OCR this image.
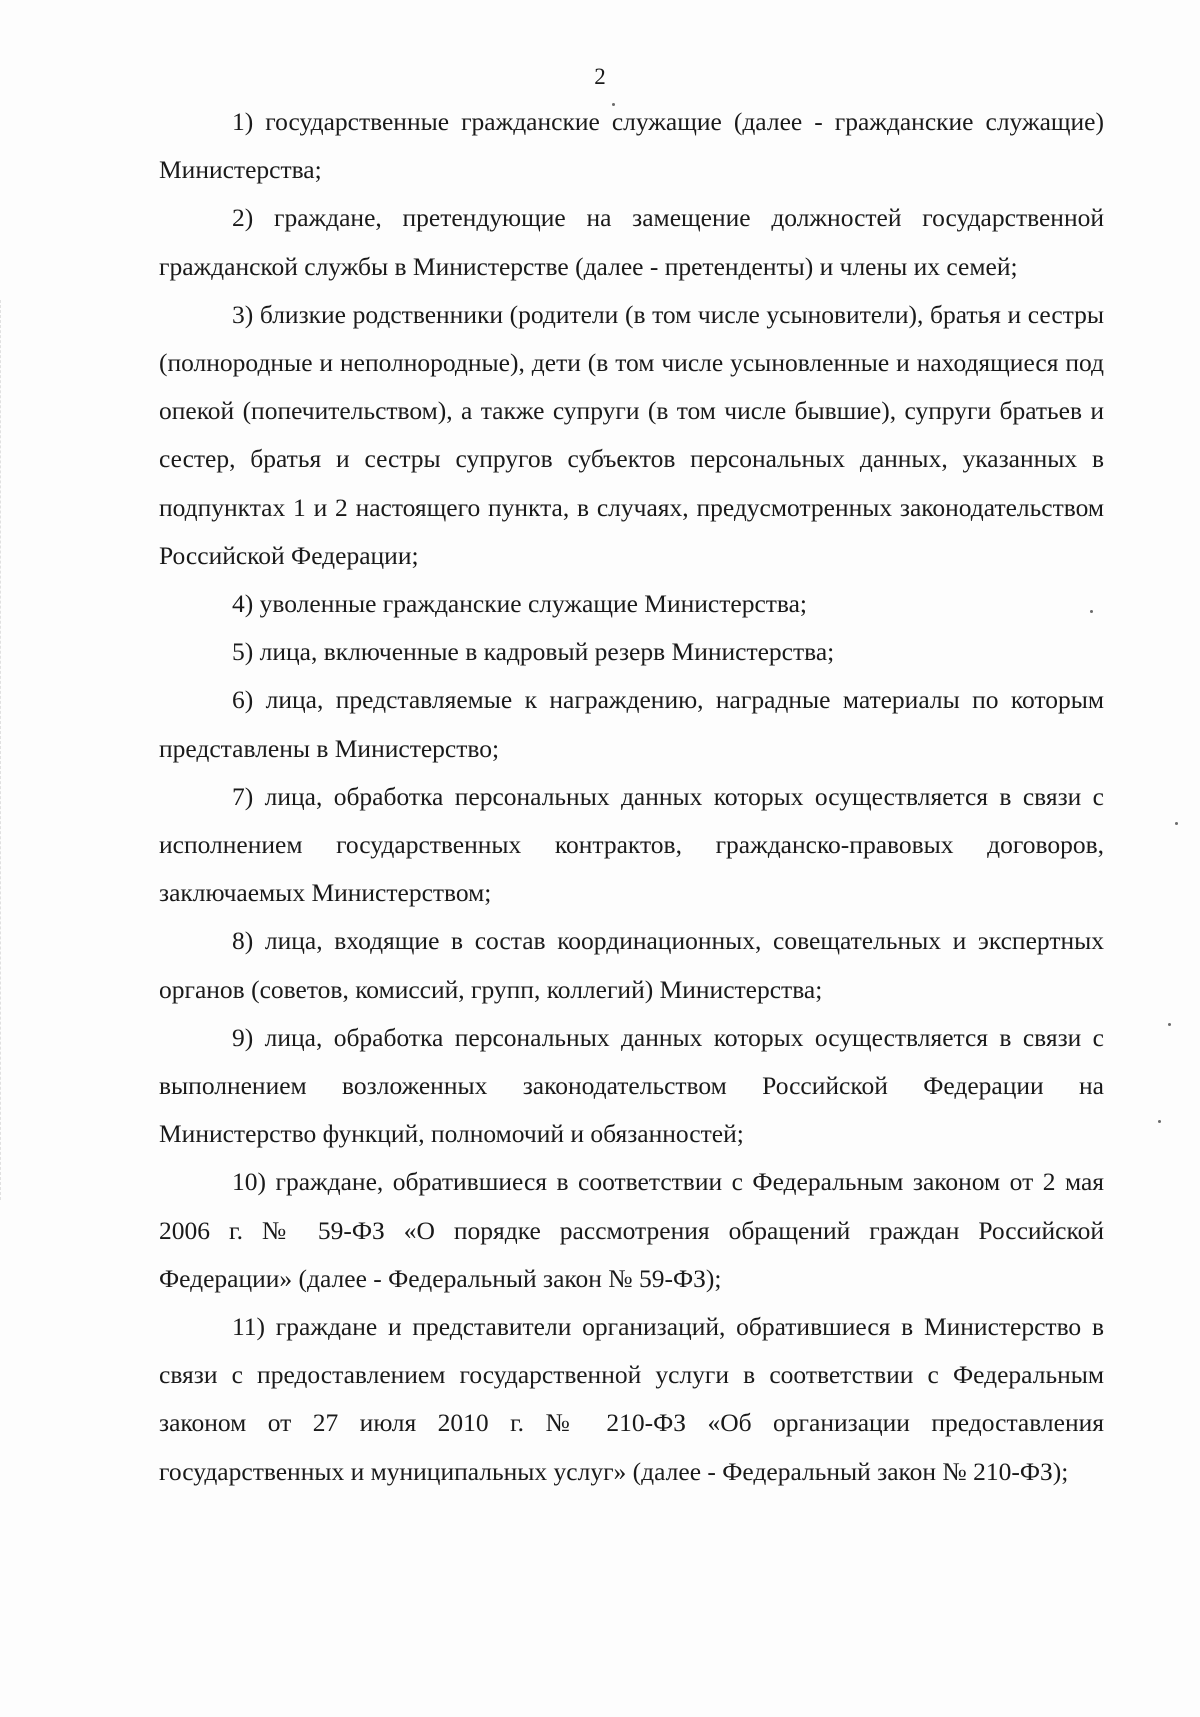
2

1) государственные гражданские служащие (далее - гражданские служащие) Министерства;

2) граждане, претендующие на замещение должностей государственной гражданской службы в Министерстве (далее - претенденты) и члены их семей;

3) близкие родственники (родители (в том числе усыновители), братья и сестры (полнородные и неполнородные), дети (в том числе усыновленные и находящиеся под опекой (попечительством), а также супруги (в том числе бывшие), супруги братьев и сестер, братья и сестры супругов субъектов персональных данных, указанных в подпунктах 1 и 2 настоящего пункта, в случаях, предусмотренных законодательством Российской Федерации;

4) уволенные гражданские служащие Министерства;

5) лица, включенные в кадровый резерв Министерства;

6) лица, представляемые к награждению, наградные материалы по которым представлены в Министерство;

7) лица, обработка персональных данных которых осуществляется в связи с исполнением государственных контрактов, гражданско-правовых договоров, заключаемых Министерством;

8) лица, входящие в состав координационных, совещательных и экспертных органов (советов, комиссий, групп, коллегий) Министерства;

9) лица, обработка персональных данных которых осуществляется в связи с выполнением возложенных законодательством Российской Федерации на Министерство функций, полномочий и обязанностей;

10) граждане, обратившиеся в соответствии с Федеральным законом от 2 мая 2006 г. № 59-ФЗ «О порядке рассмотрения обращений граждан Российской Федерации» (далее - Федеральный закон № 59-ФЗ);

11) граждане и представители организаций, обратившиеся в Министерство в связи с предоставлением государственной услуги в соответствии с Федеральным законом от 27 июля 2010 г. № 210-ФЗ «Об организации предоставления государственных и муниципальных услуг» (далее - Федеральный закон № 210-ФЗ);
